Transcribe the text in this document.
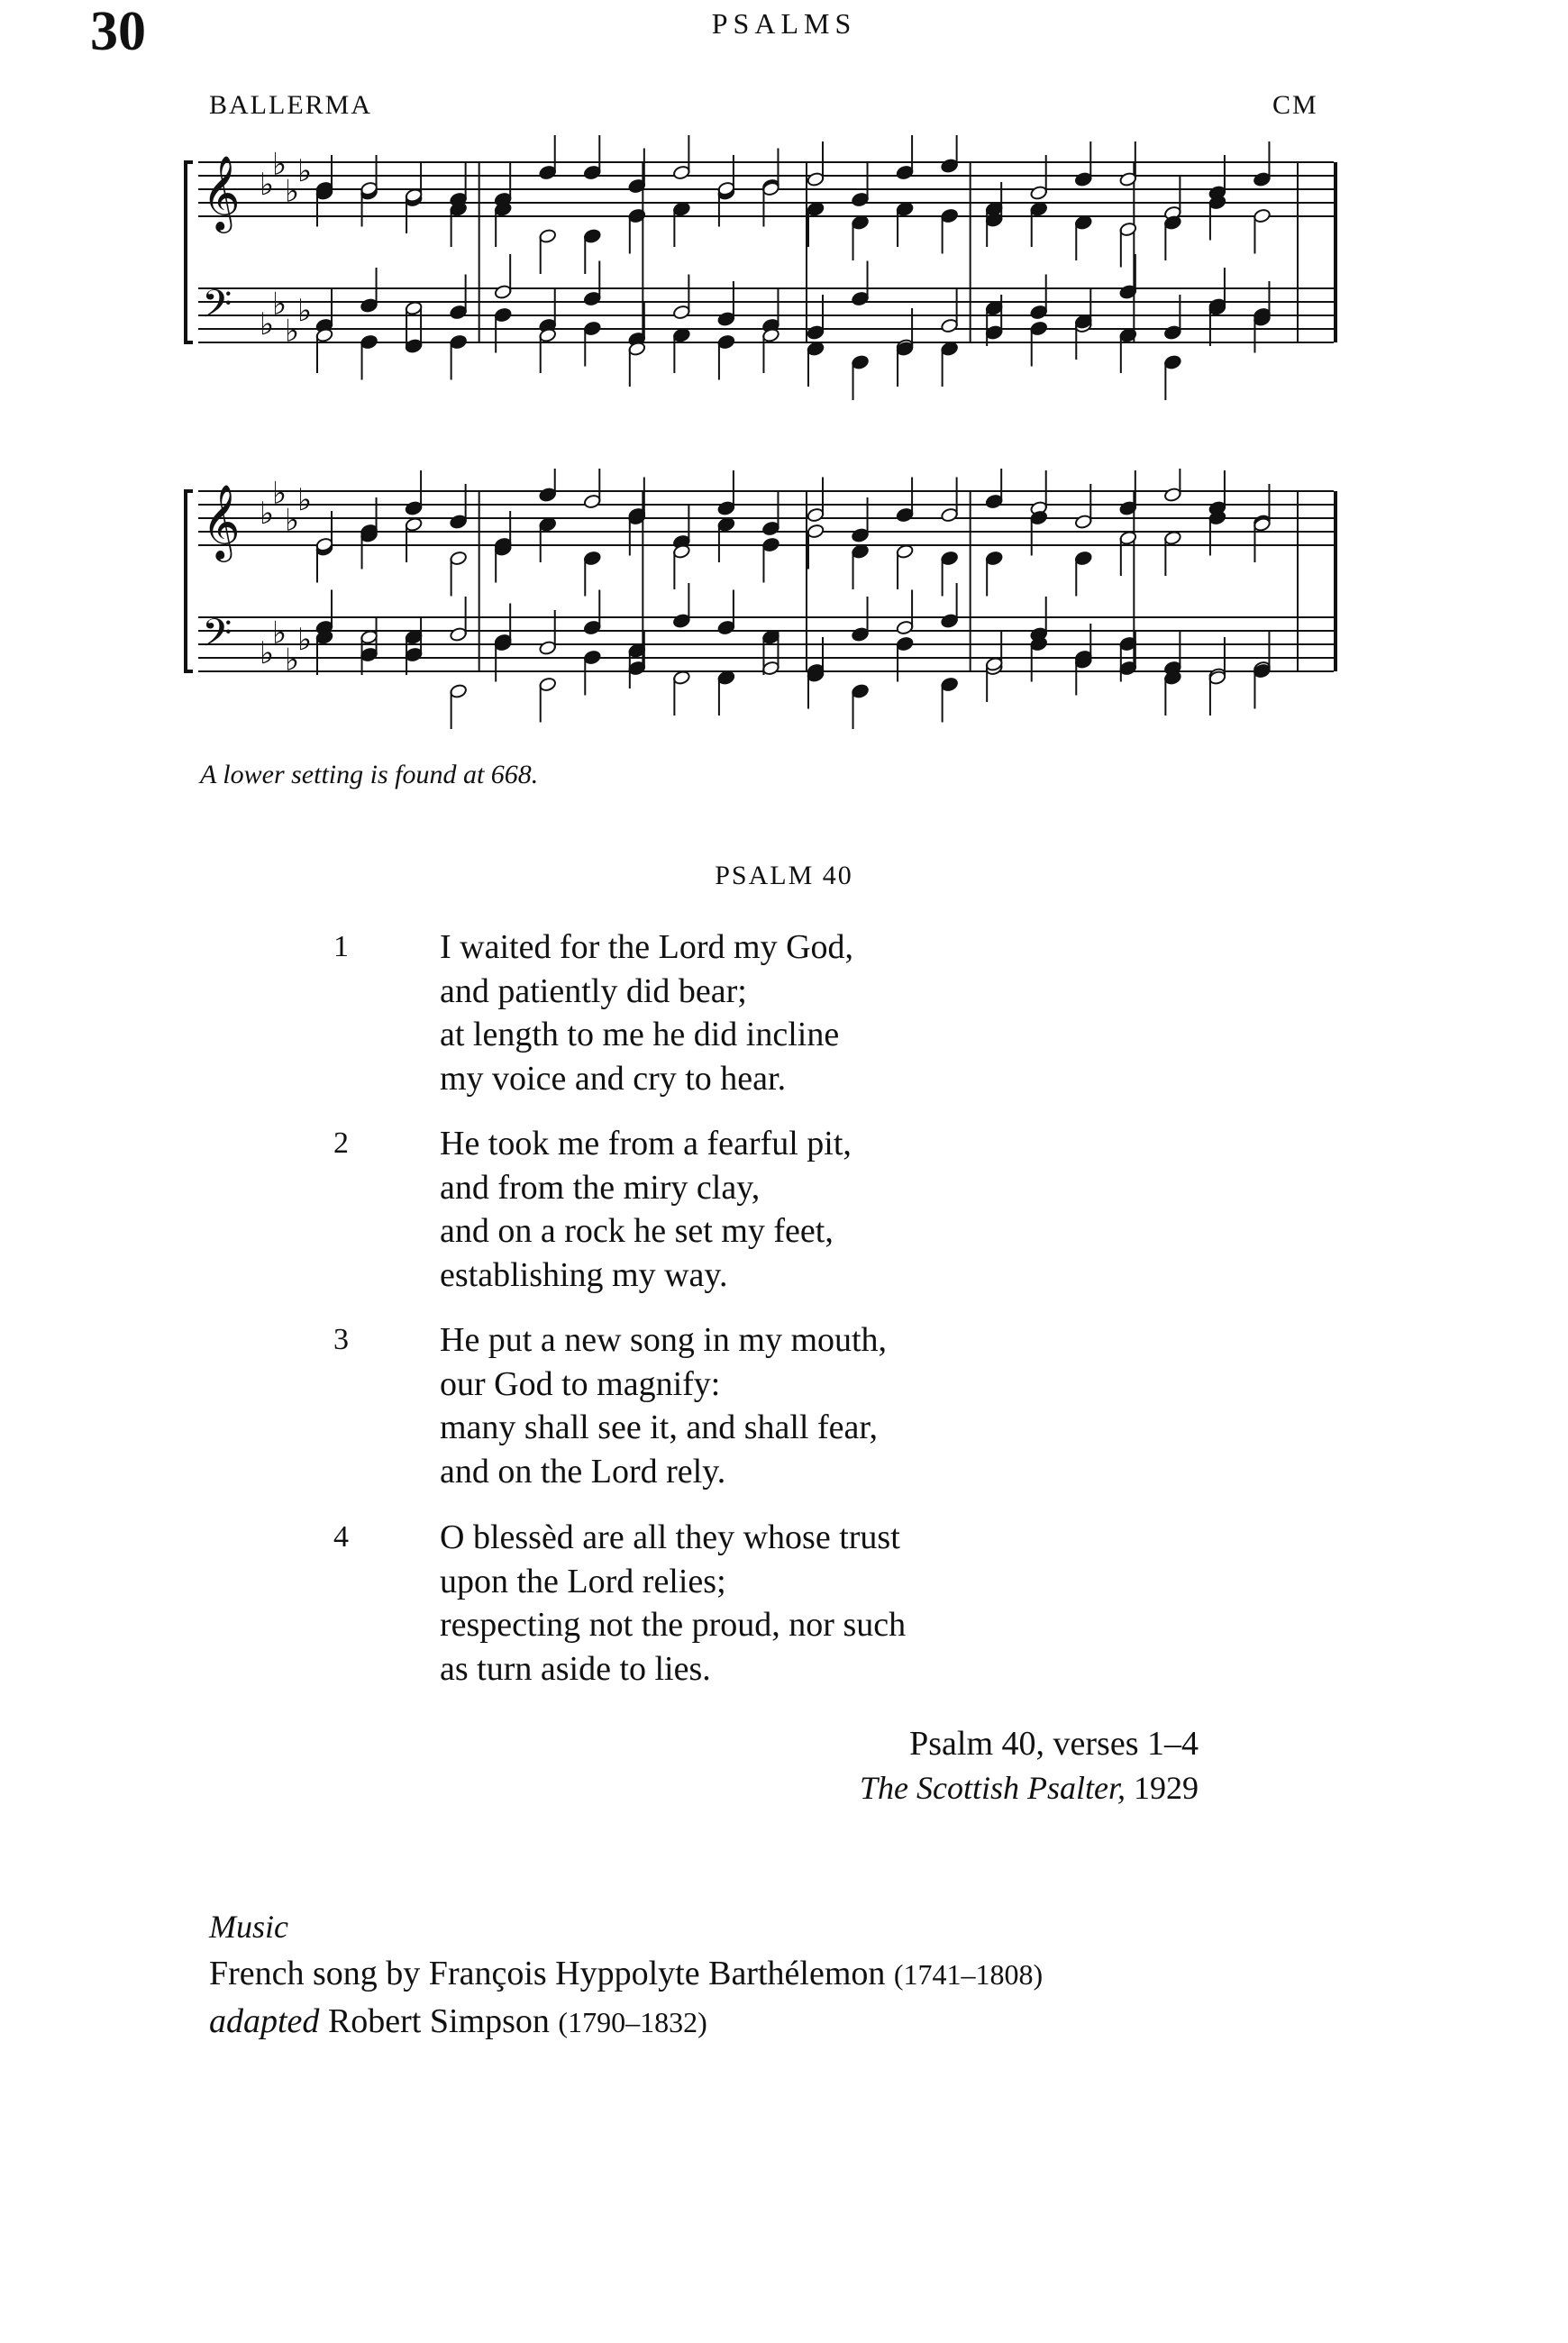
30	PSALMS
BALLERMA	CM
𝄞
𝄢
♭
♭
♭
♭
♭
♭
♭
♭
𝄞
𝄢
♭
♭
♭
♭
♭
♭
♭
♭
A lower setting is found at 668.
PSALM 40
1	I waited for the Lord my God,
and patiently did bear;
at length to me he did incline
my voice and cry to hear.
2	He took me from a fearful pit,
and from the miry clay,
and on a rock he set my feet,
establishing my way.
3	He put a new song in my mouth,
our God to magnify:
many shall see it, and shall fear,
and on the Lord rely.
4	O blessèd are all they whose trust
upon the Lord relies;
respecting not the proud, nor such
as turn aside to lies.
Psalm 40, verses 1–4
The Scottish Psalter, 1929
Music
French song by François Hyppolyte Barthélemon (1741–1808)
adapted Robert Simpson (1790–1832)
